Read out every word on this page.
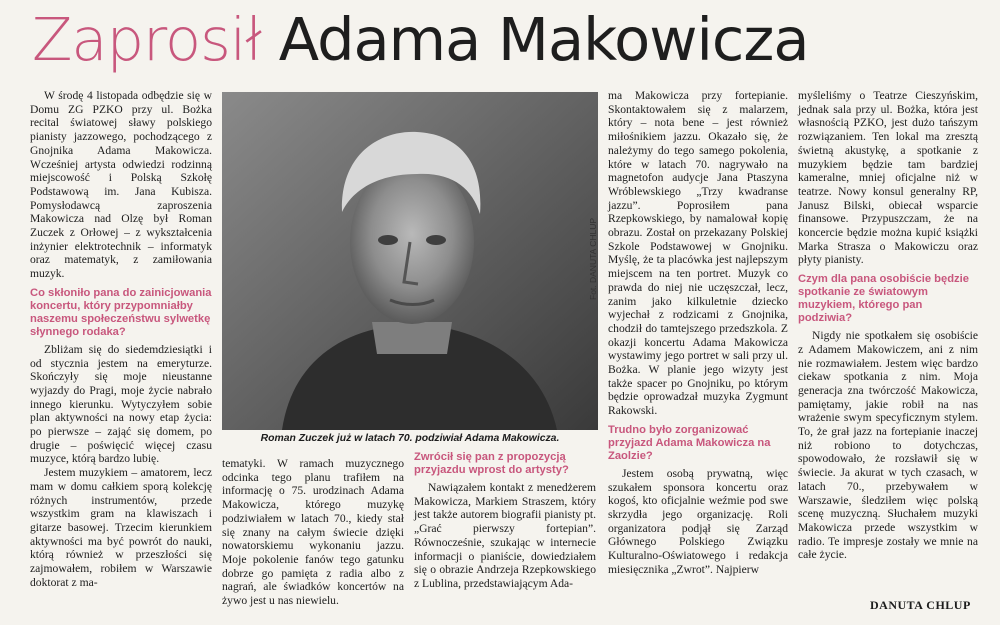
Zaprosił Adama Makowicza

W środę 4 listopada odbędzie się w Domu ZG PZKO przy ul. Bożka recital światowej sławy polskiego pianisty jazzowego, pochodzącego z Gnojnika Adama Makowicza. Wcześniej artysta odwiedzi rodzinną miejscowość i Polską Szkołę Podstawową im. Jana Kubisza. Pomysłodawcą zaproszenia Makowicza nad Olzę był Roman Zuczek z Orłowej – z wykształcenia inżynier elektrotechnik – informatyk oraz matematyk, z zamiłowania muzyk.

Co skłoniło pana do zainicjowania koncertu, który przypomniałby naszemu społeczeństwu sylwetkę słynnego rodaka?

Zbliżam się do siedemdziesiątki i od stycznia jestem na emeryturze. Skończyły się moje nieustanne wyjazdy do Pragi, moje życie nabrało innego kierunku. Wytyczyłem sobie plan aktywności na nowy etap życia: po pierwsze – zająć się domem, po drugie – poświęcić więcej czasu muzyce, którą bardzo lubię.

Jestem muzykiem – amatorem, lecz mam w domu całkiem sporą kolekcję różnych instrumentów, przede wszystkim gram na klawiszach i gitarze basowej. Trzecim kierunkiem aktywności ma być powrót do nauki, którą również w przeszłości się zajmowałem, robiłem w Warszawie doktorat z ma-

Roman Zuczek już w latach 70. podziwiał Adama Makowicza.
Fot. DANUTA CHLUP

tematyki. W ramach muzycznego odcinka tego planu trafiłem na informację o 75. urodzinach Adama Makowicza, którego muzykę podziwiałem w latach 70., kiedy stał się znany na całym świecie dzięki nowatorskiemu wykonaniu jazzu. Moje pokolenie fanów tego gatunku dobrze go pamięta z radia albo z nagrań, ale świadków koncertów na żywo jest u nas niewielu.

Zwrócił się pan z propozycją przyjazdu wprost do artysty?

Nawiązałem kontakt z menedżerem Makowicza, Markiem Straszem, który jest także autorem biografii pianisty pt. „Grać pierwszy fortepian”. Równocześnie, szukając w internecie informacji o pianiście, dowiedziałem się o obrazie Andrzeja Rzepkowskiego z Lublina, przedstawiającym Ada-

ma Makowicza przy fortepianie. Skontaktowałem się z malarzem, który – nota bene – jest również miłośnikiem jazzu. Okazało się, że należymy do tego samego pokolenia, które w latach 70. nagrywało na magnetofon audycje Jana Ptaszyna Wróblewskiego „Trzy kwadranse jazzu”. Poprosiłem pana Rzepkowskiego, by namalował kopię obrazu. Został on przekazany Polskiej Szkole Podstawowej w Gnojniku. Myślę, że ta placówka jest najlepszym miejscem na ten portret. Muzyk co prawda do niej nie uczęszczał, lecz, zanim jako kilkuletnie dziecko wyjechał z rodzicami z Gnojnika, chodził do tamtejszego przedszkola. Z okazji koncertu Adama Makowicza wystawimy jego portret w sali przy ul. Bożka. W planie jego wizyty jest także spacer po Gnojniku, po którym będzie oprowadzał muzyka Zygmunt Rakowski.

Trudno było zorganizować przyjazd Adama Makowicza na Zaolzie?

Jestem osobą prywatną, więc szukałem sponsora koncertu oraz kogoś, kto oficjalnie weźmie pod swe skrzydła jego organizację. Roli organizatora podjął się Zarząd Głównego Polskiego Związku Kulturalno-Oświatowego i redakcja miesięcznika „Zwrot”. Najpierw

myśleliśmy o Teatrze Cieszyńskim, jednak sala przy ul. Bożka, która jest własnością PZKO, jest dużo tańszym rozwiązaniem. Ten lokal ma zresztą świetną akustykę, a spotkanie z muzykiem będzie tam bardziej kameralne, mniej oficjalne niż w teatrze. Nowy konsul generalny RP, Janusz Bilski, obiecał wsparcie finansowe. Przypuszczam, że na koncercie będzie można kupić książki Marka Strasza o Makowiczu oraz płyty pianisty.

Czym dla pana osobiście będzie spotkanie ze światowym muzykiem, którego pan podziwia?

Nigdy nie spotkałem się osobiście z Adamem Makowiczem, ani z nim nie rozmawiałem. Jestem więc bardzo ciekaw spotkania z nim. Moja generacja zna twórczość Makowicza, pamiętamy, jakie robił na nas wrażenie swym specyficznym stylem. To, że grał jazz na fortepianie inaczej niż robiono to dotychczas, spowodowało, że rozsławił się w świecie. Ja akurat w tych czasach, w latach 70., przebywałem w Warszawie, śledziłem więc polską scenę muzyczną. Słuchałem muzyki Makowicza przede wszystkim w radio. Te impresje zostały we mnie na całe życie.

DANUTA CHLUP
